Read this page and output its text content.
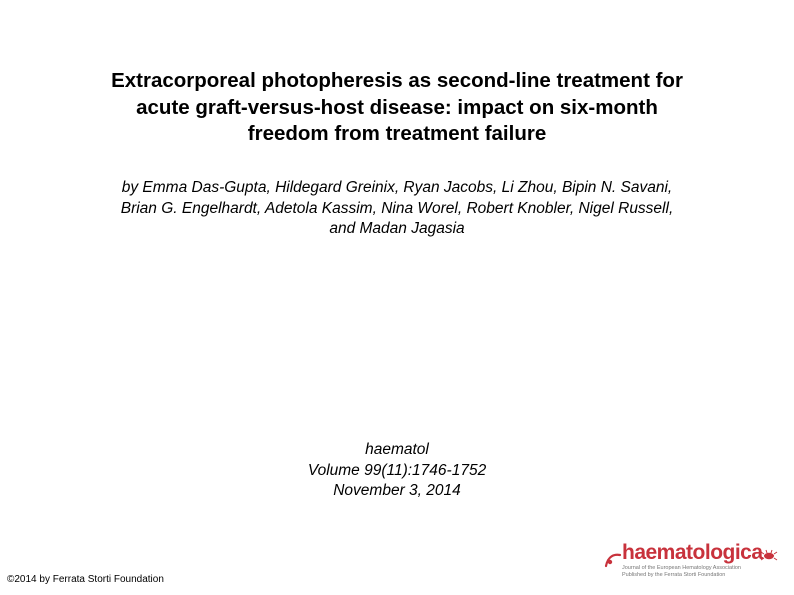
Extracorporeal photopheresis as second-line treatment for
acute graft-versus-host disease: impact on six-month
freedom from treatment failure
by Emma Das-Gupta, Hildegard Greinix, Ryan Jacobs, Li Zhou, Bipin N. Savani,
Brian G. Engelhardt, Adetola Kassim, Nina Worel, Robert Knobler, Nigel Russell,
and Madan Jagasia
haematol
Volume 99(11):1746-1752
November 3, 2014
©2014 by Ferrata Storti Foundation
haematologica
Journal of the European Hematology Association
Published by the Ferrata Storti Foundation
